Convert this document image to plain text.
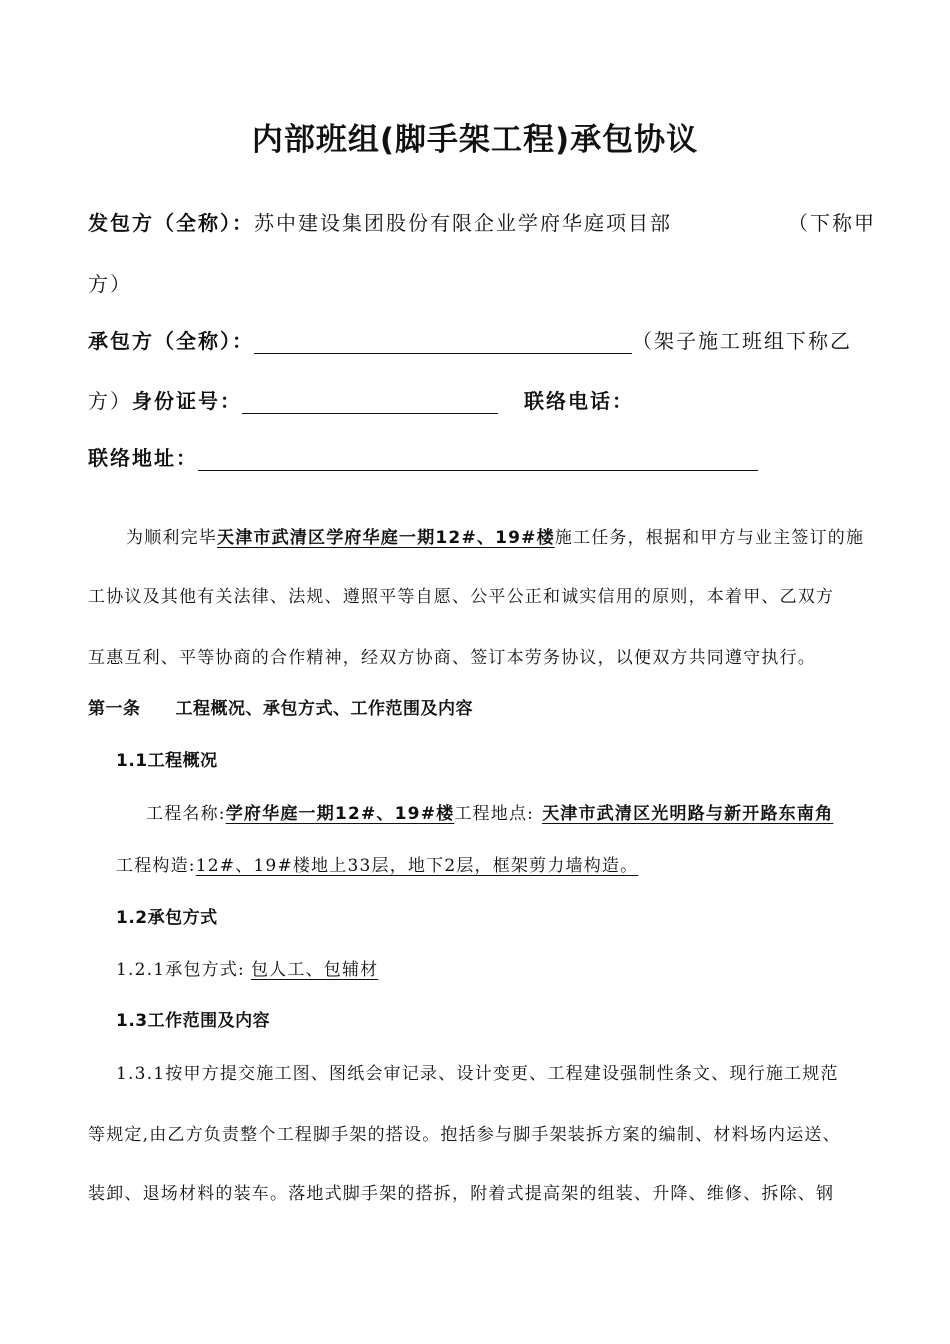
内部班组(脚手架工程)承包协议
发包方（全称）：苏中建设集团股份有限企业学府华庭项目部	（下称甲
方）
承包方（全称）：	（架子施工班组下称乙
方）身份证号：	联络电话：
联络地址：
为顺利完毕天津市武清区学府华庭一期12#、19#楼施工任务，根据和甲方与业主签订的施
工协议及其他有关法律、法规、遵照平等自愿、公平公正和诚实信用的原则，本着甲、乙双方
互惠互利、平等协商的合作精神，经双方协商、签订本劳务协议，以便双方共同遵守执行。
第一条　　工程概况、承包方式、工作范围及内容
1.1工程概况
工程名称:学府华庭一期12#、19#楼工程地点: 天津市武清区光明路与新开路东南角
工程构造:12#、19#楼地上33层，地下2层，框架剪力墙构造。
1.2承包方式
1.2.1承包方式: 包人工、包辅材
1.3工作范围及内容
1.3.1按甲方提交施工图、图纸会审记录、设计变更、工程建设强制性条文、现行施工规范
等规定,由乙方负责整个工程脚手架的搭设。抱括参与脚手架装拆方案的编制、材料场内运送、
装卸、退场材料的装车。落地式脚手架的搭拆，附着式提高架的组装、升降、维修、拆除、钢
